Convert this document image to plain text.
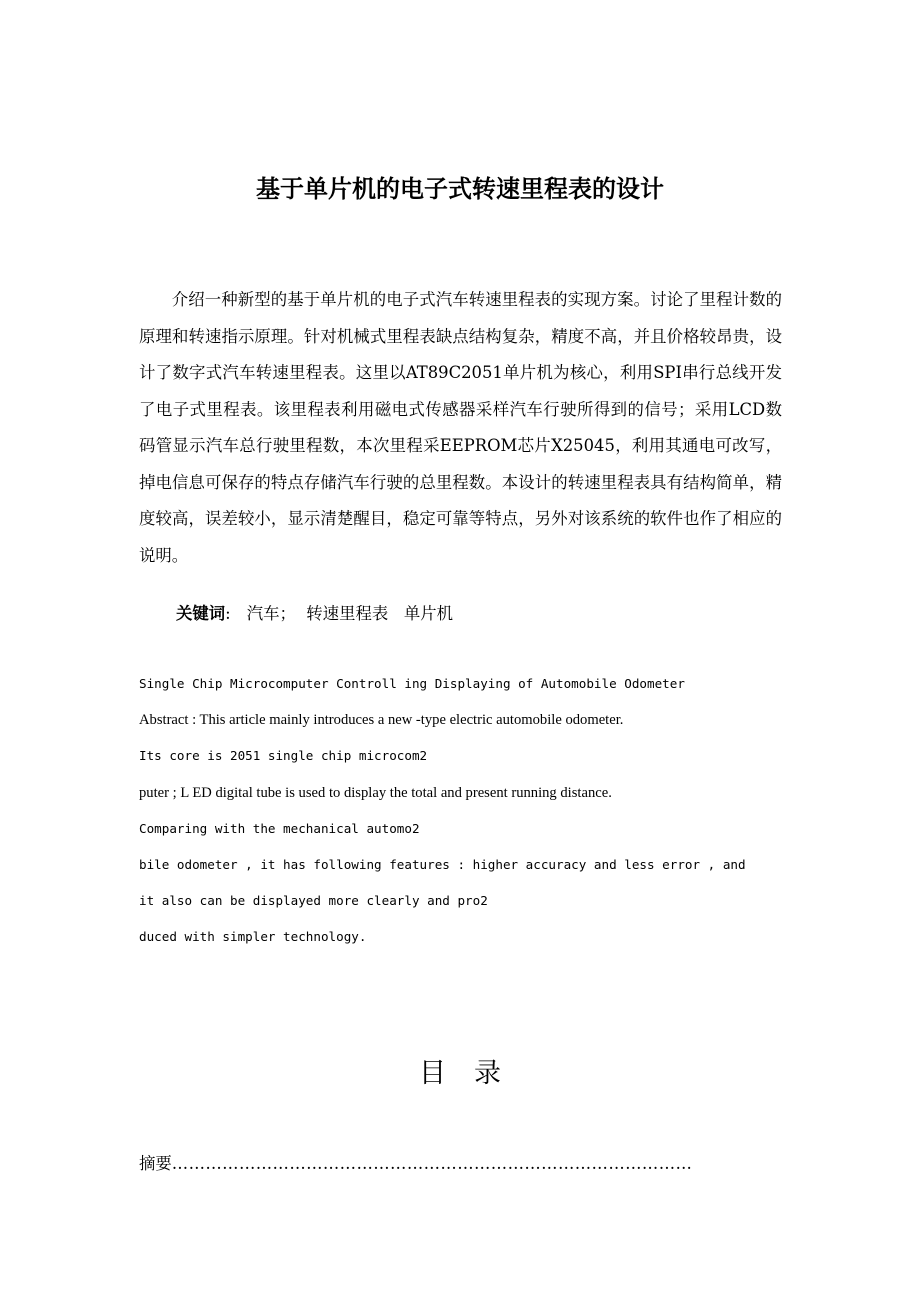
基于单片机的电子式转速里程表的设计

介绍一种新型的基于单片机的电子式汽车转速里程表的实现方案。讨论了里程计数的原理和转速指示原理。针对机械式里程表缺点结构复杂，精度不高，并且价格较昂贵，设计了数字式汽车转速里程表。这里以AT89C2051单片机为核心，利用SPI串行总线开发了电子式里程表。该里程表利用磁电式传感器采样汽车行驶所得到的信号；采用LCD数码管显示汽车总行驶里程数，本次里程采EEPROM芯片X25045，利用其通电可改写，掉电信息可保存的特点存储汽车行驶的总里程数。本设计的转速里程表具有结构简单，精度较高，误差较小，显示清楚醒目，稳定可靠等特点，另外对该系统的软件也作了相应的说明。

关键词: 汽车；  转速里程表   单片机
Single Chip Microcomputer Controll ing Displaying of Automobile Odometer
Abstract : This article mainly introduces a new -type electric automobile odometer.
Its core is 2051 single chip microcom2
puter ; L ED digital tube is used to display the total and present running distance.
Comparing with the mechanical automo2
bile odometer , it has following features : higher accuracy and less error , and
it also can be displayed more clearly and pro2
duced with simpler technology.
目 录
摘要…………………………………………………………………………………
